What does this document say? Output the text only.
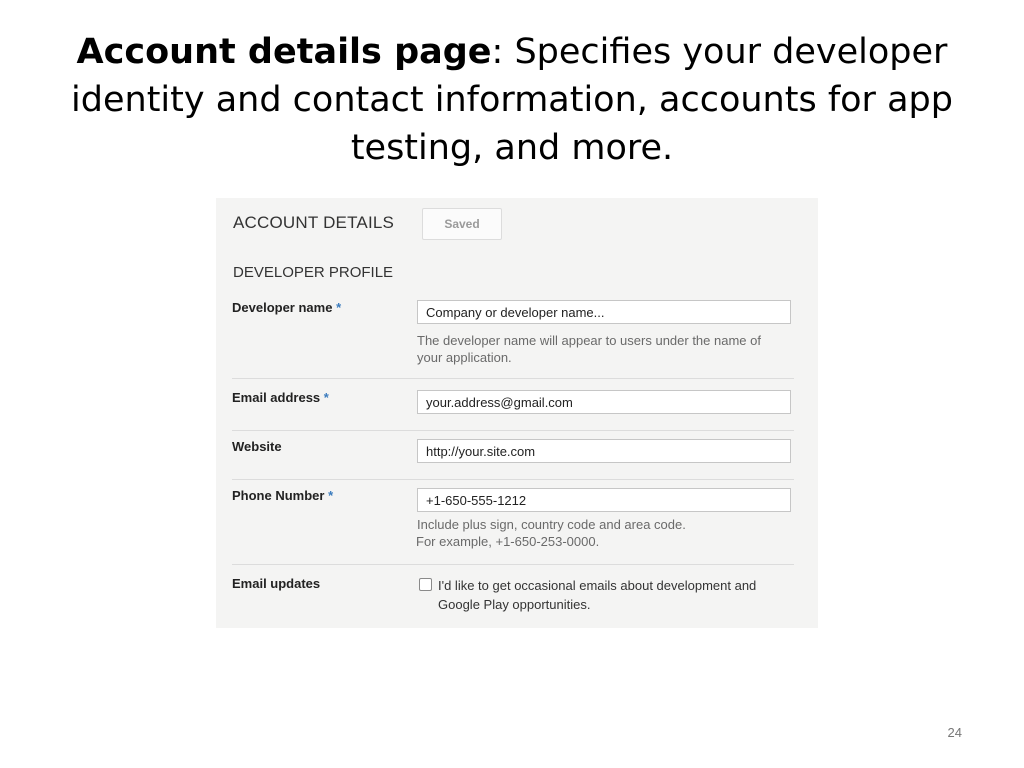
Account details page: Specifies your developer identity and contact information, accounts for app testing, and more.
ACCOUNT DETAILS	Saved
DEVELOPER PROFILE
Developer name *
Company or developer name...
The developer name will appear to users under the name of your application.
Email address *
your.address@gmail.com
Website
http://your.site.com
Phone Number *
+1-650-555-1212
Include plus sign, country code and area code.
For example, +1-650-253-0000.
Email updates	I'd like to get occasional emails about development and Google Play opportunities.
24
